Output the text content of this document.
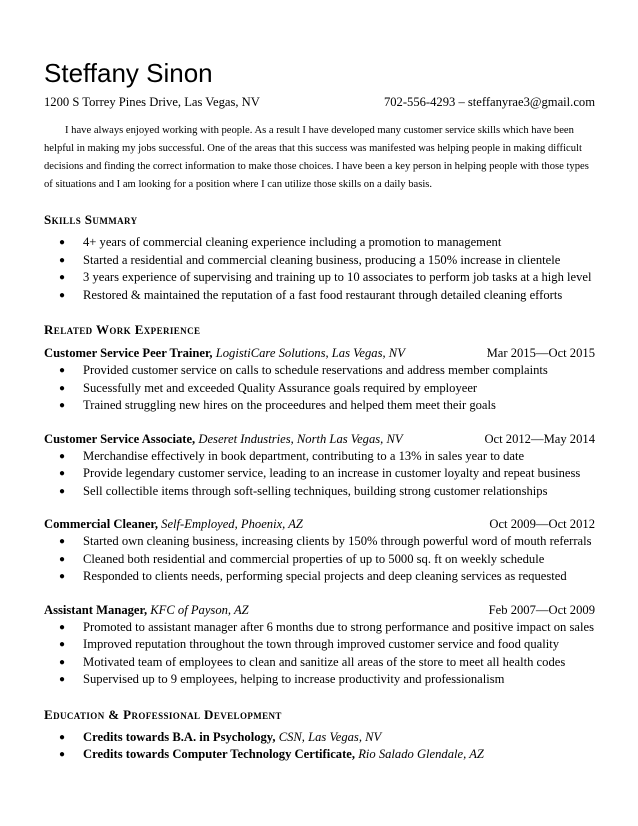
Steffany Sinon
1200 S Torrey Pines Drive, Las Vegas, NV	702-556-4293 – steffanyrae3@gmail.com

I have always enjoyed working with people. As a result I have developed many customer service skills which have been helpful in making my jobs successful. One of the areas that this success was manifested was helping people in making difficult decisions and finding the correct information to make those choices. I have been a key person in helping people with those types of situations and I am looking for a position where I can utilize those skills on a daily basis.

Skills Summary
● 4+ years of commercial cleaning experience including a promotion to management
● Started a residential and commercial cleaning business, producing a 150% increase in clientele
● 3 years experience of supervising and training up to 10 associates to perform job tasks at a high level
● Restored & maintained the reputation of a fast food restaurant through detailed cleaning efforts
Related Work Experience
Customer Service Peer Trainer, LogistiCare Solutions, Las Vegas, NV	Mar 2015—Oct 2015
● Provided customer service on calls to schedule reservations and address member complaints
● Sucessfully met and exceeded Quality Assurance goals required by employeer
● Trained struggling new hires on the proceedures and helped them meet their goals
Customer Service Associate, Deseret Industries, North Las Vegas, NV	Oct 2012—May 2014
● Merchandise effectively in book department, contributing to a 13% in sales year to date
● Provide legendary customer service, leading to an increase in customer loyalty and repeat business
● Sell collectible items through soft-selling techniques, building strong customer relationships
Commercial Cleaner, Self-Employed, Phoenix, AZ	Oct 2009—Oct 2012
● Started own cleaning business, increasing clients by 150% through powerful word of mouth referrals
● Cleaned both residential and commercial properties of up to 5000 sq. ft on weekly schedule
● Responded to clients needs, performing special projects and deep cleaning services as requested
Assistant Manager, KFC of Payson, AZ	Feb 2007—Oct 2009
● Promoted to assistant manager after 6 months due to strong performance and positive impact on sales
● Improved reputation throughout the town through improved customer service and food quality
● Motivated team of employees to clean and sanitize all areas of the store to meet all health codes
● Supervised up to 9 employees, helping to increase productivity and professionalism
Education & Professional Development
● Credits towards B.A. in Psychology, CSN, Las Vegas, NV
● Credits towards Computer Technology Certificate, Rio Salado Glendale, AZ
